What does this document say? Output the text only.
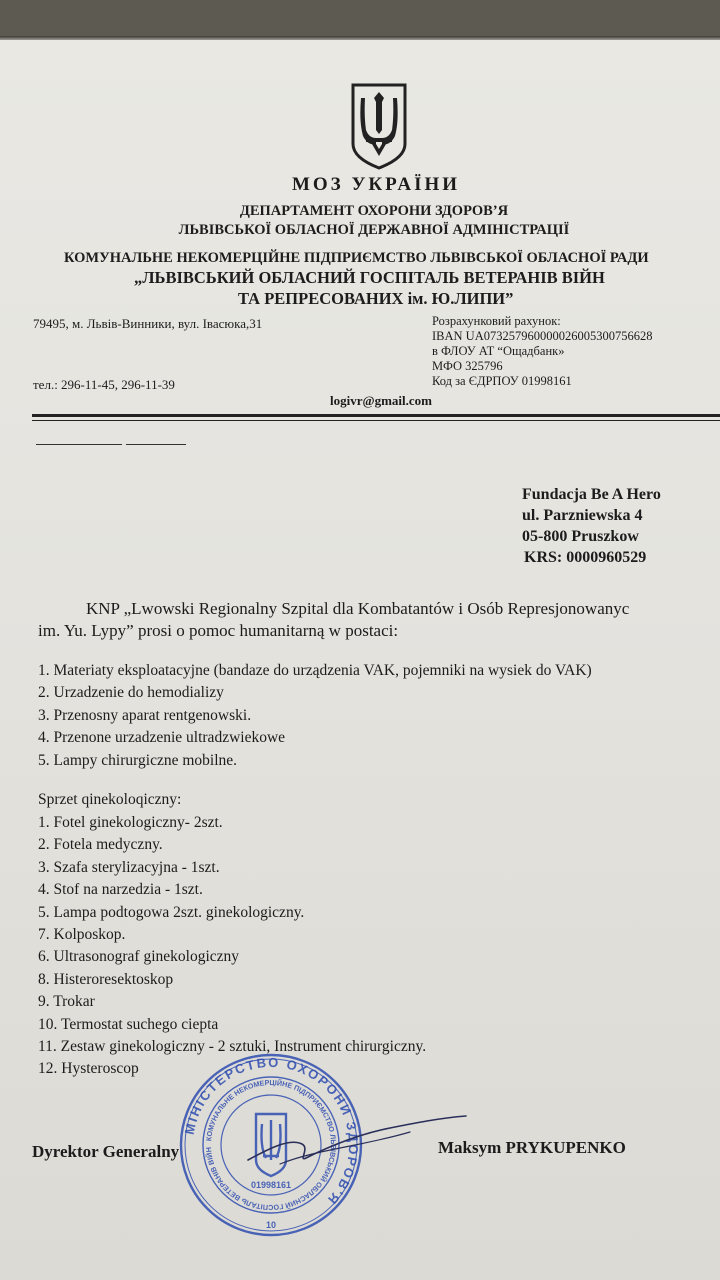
МОЗ УКРАЇНИ
ДЕПАРТАМЕНТ ОХОРОНИ ЗДОРОВ’Я
ЛЬВІВСЬКОЇ ОБЛАСНОЇ ДЕРЖАВНОЇ АДМІНІСТРАЦІЇ
КОМУНАЛЬНЕ НЕКОМЕРЦІЙНЕ ПІДПРИЄМСТВО ЛЬВІВСЬКОЇ ОБЛАСНОЇ РАДИ
„ЛЬВІВСЬКИЙ ОБЛАСНИЙ ГОСПІТАЛЬ ВЕТЕРАНІВ ВІЙН
ТА РЕПРЕСОВАНИХ ім. Ю.ЛИПИ”
79495, м. Львів-Винники, вул. Івасюка,31
тел.: 296-11-45, 296-11-39
logivr@gmail.com
Розрахунковий рахунок:
IBAN UA073257960000026005300756628
в ФЛОУ АТ “Ощадбанк»
МФО 325796
Код за ЄДРПОУ 01998161
Fundacja Be A Hero
ul. Parzniewska 4
05-800 Pruszkow
KRS: 0000960529
KNP „Lwowski Regionalny Szpital dla Kombatantów i Osób Represjonowanyc
im. Yu. Lypy” prosi o pomoc humanitarną w postaci:
1. Materiaty eksploatacyjne (bandaze do urządzenia VAK, pojemniki na wysiek do VAK)
2. Urzadzenie do hemodializy
3. Przenosny aparat rentgenowski.
4. Przenone urzadzenie ultradzwiekowe
5. Lampy chirurgiczne mobilne.
Sprzet qinekoloqiczny:
1. Fotel ginekologiczny- 2szt.
2. Fotela medyczny.
3. Szafa sterylizacyjna - 1szt.
4. Stof na narzedzia - 1szt.
5. Lampa podtogowa 2szt. ginekologiczny.
7. Kolposkop.
6. Ultrasonograf ginekologiczny
8. Histeroresektoskop
9. Trokar
10. Termostat suchego ciepta
11. Zestaw ginekologiczny - 2 sztuki, Instrument chirurgiczny.
12. Hysteroscop
Dyrektor Generalny	Maksym PRYKUPENKO
МІНІСТЕРСТВО ОХОРОНИ ЗДОРОВ'Я
КОМУНАЛЬНЕ НЕКОМЕРЦІЙНЕ ПІДПРИЄМСТВО ЛЬВІВСЬКИЙ ОБЛАСНИЙ ГОСПІТАЛЬ ВЕТЕРАНІВ ВІЙН
01998161
10
